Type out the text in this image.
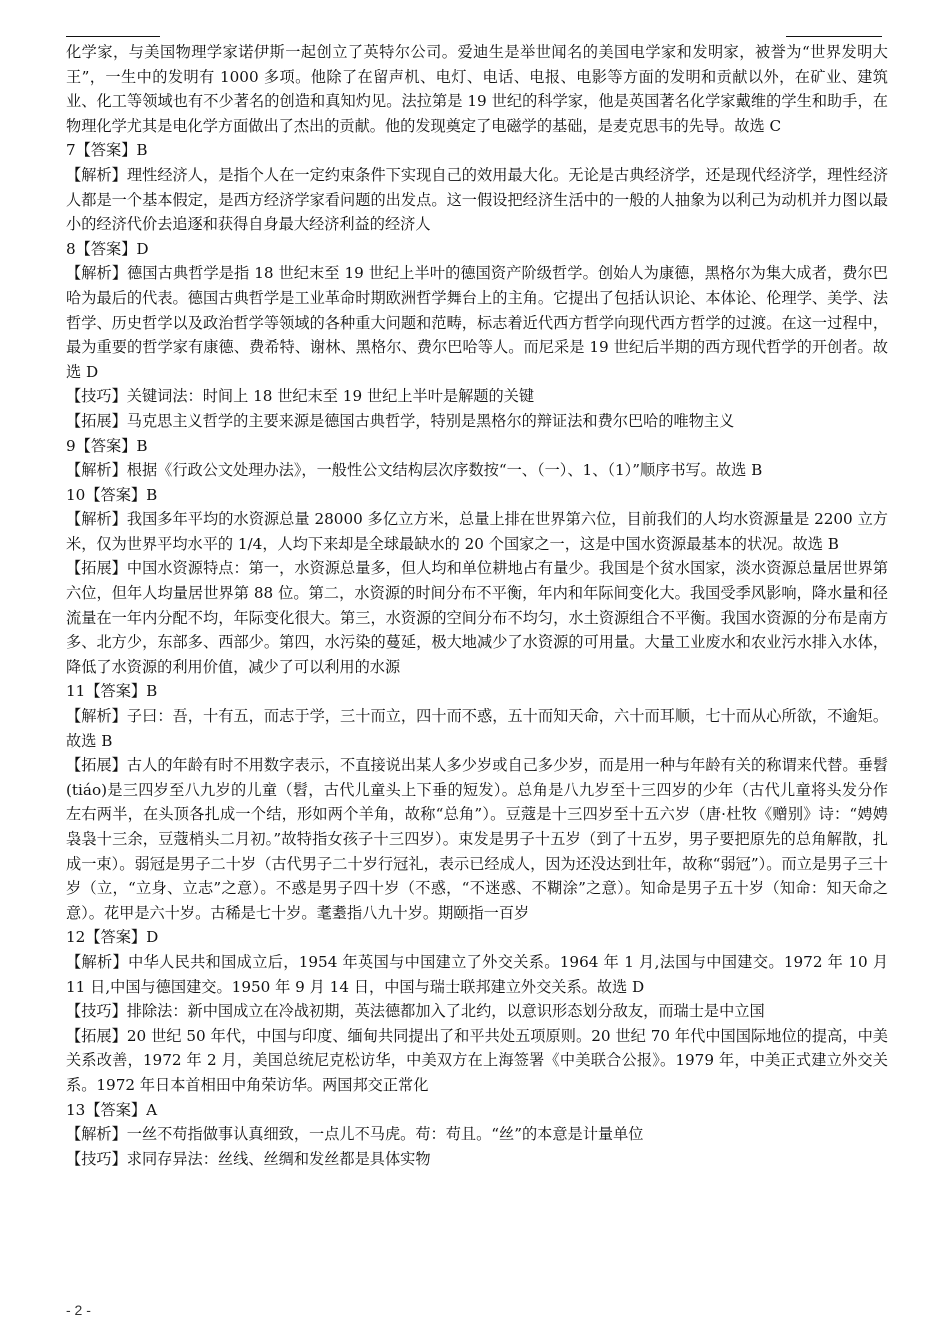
化学家，与美国物理学家诺伊斯一起创立了英特尔公司。爱迪生是举世闻名的美国电学家和发明家，被誉为“世界发明大王”，一生中的发明有 1000 多项。他除了在留声机、电灯、电话、电报、电影等方面的发明和贡献以外，在矿业、建筑业、化工等领域也有不少著名的创造和真知灼见。法拉第是 19 世纪的科学家，他是英国著名化学家戴维的学生和助手，在物理化学尤其是电化学方面做出了杰出的贡献。他的发现奠定了电磁学的基础，是麦克思韦的先导。故选 C

7【答案】B

【解析】理性经济人，是指个人在一定约束条件下实现自己的效用最大化。无论是古典经济学，还是现代经济学，理性经济人都是一个基本假定，是西方经济学家看问题的出发点。这一假设把经济生活中的一般的人抽象为以利己为动机并力图以最小的经济代价去追逐和获得自身最大经济利益的经济人

8【答案】D

【解析】德国古典哲学是指 18 世纪末至 19 世纪上半叶的德国资产阶级哲学。创始人为康德，黑格尔为集大成者，费尔巴哈为最后的代表。德国古典哲学是工业革命时期欧洲哲学舞台上的主角。它提出了包括认识论、本体论、伦理学、美学、法哲学、历史哲学以及政治哲学等领域的各种重大问题和范畴，标志着近代西方哲学向现代西方哲学的过渡。在这一过程中，最为重要的哲学家有康德、费希特、谢林、黑格尔、费尔巴哈等人。而尼采是 19 世纪后半期的西方现代哲学的开创者。故选 D

【技巧】关键词法：时间上 18 世纪末至 19 世纪上半叶是解题的关键

【拓展】马克思主义哲学的主要来源是德国古典哲学，特别是黑格尔的辩证法和费尔巴哈的唯物主义

9【答案】B

【解析】根据《行政公文处理办法》，一般性公文结构层次序数按“一、（一）、1、（1）”顺序书写。故选 B

10【答案】B

【解析】我国多年平均的水资源总量 28000 多亿立方米，总量上排在世界第六位，目前我们的人均水资源量是 2200 立方米，仅为世界平均水平的 1/4，人均下来却是全球最缺水的 20 个国家之一，这是中国水资源最基本的状况。故选 B

【拓展】中国水资源特点：第一，水资源总量多，但人均和单位耕地占有量少。我国是个贫水国家，淡水资源总量居世界第六位，但年人均量居世界第 88 位。第二，水资源的时间分布不平衡，年内和年际间变化大。我国受季风影响，降水量和径流量在一年内分配不均，年际变化很大。第三，水资源的空间分布不均匀，水土资源组合不平衡。我国水资源的分布是南方多、北方少，东部多、西部少。第四，水污染的蔓延，极大地减少了水资源的可用量。大量工业废水和农业污水排入水体，降低了水资源的利用价值，减少了可以利用的水源

11【答案】B

【解析】子曰：吾，十有五，而志于学，三十而立，四十而不惑，五十而知天命，六十而耳顺，七十而从心所欲，不逾矩。故选 B

【拓展】古人的年龄有时不用数字表示，不直接说出某人多少岁或自己多少岁，而是用一种与年龄有关的称谓来代替。垂髫(tiáo)是三四岁至八九岁的儿童（髫，古代儿童头上下垂的短发）。总角是八九岁至十三四岁的少年（古代儿童将头发分作左右两半，在头顶各扎成一个结，形如两个羊角，故称“总角”）。豆蔻是十三四岁至十五六岁（唐·杜牧《赠别》诗：“娉娉袅袅十三余，豆蔻梢头二月初。”故特指女孩子十三四岁）。束发是男子十五岁（到了十五岁，男子要把原先的总角解散，扎成一束）。弱冠是男子二十岁（古代男子二十岁行冠礼，表示已经成人，因为还没达到壮年，故称“弱冠”）。而立是男子三十岁（立，“立身、立志”之意）。不惑是男子四十岁（不惑，“不迷惑、不糊涂”之意）。知命是男子五十岁（知命：知天命之意）。花甲是六十岁。古稀是七十岁。耄耋指八九十岁。期颐指一百岁

12【答案】D

【解析】中华人民共和国成立后，1954 年英国与中国建立了外交关系。1964 年 1 月,法国与中国建交。1972 年 10 月 11 日,中国与德国建交。1950 年 9 月 14 日，中国与瑞士联邦建立外交关系。故选 D

【技巧】排除法：新中国成立在冷战初期，英法德都加入了北约，以意识形态划分敌友，而瑞士是中立国

【拓展】20 世纪 50 年代，中国与印度、缅甸共同提出了和平共处五项原则。20 世纪 70 年代中国国际地位的提高，中美关系改善，1972 年 2 月，美国总统尼克松访华，中美双方在上海签署《中美联合公报》。1979 年，中美正式建立外交关系。1972 年日本首相田中角荣访华。两国邦交正常化

13【答案】A

【解析】一丝不苟指做事认真细致，一点儿不马虎。苟：苟且。“丝”的本意是计量单位

【技巧】求同存异法：丝线、丝绸和发丝都是具体实物

- 2 -
